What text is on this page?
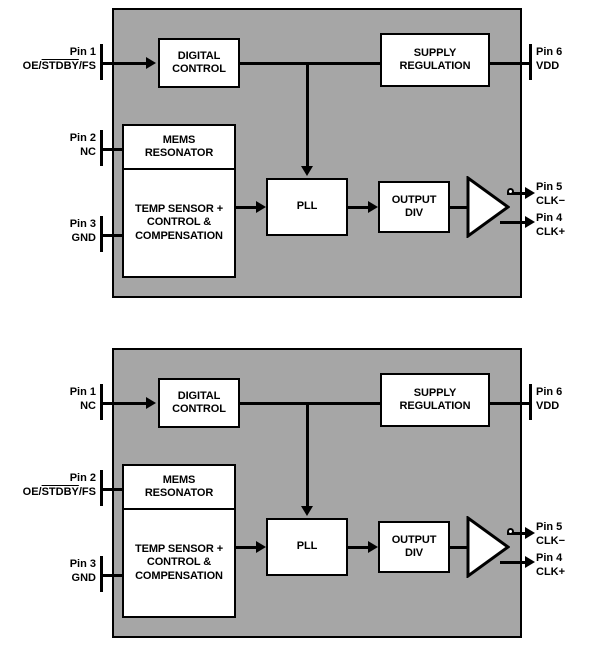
DIGITAL
CONTROL
SUPPLY
REGULATION
MEMS
RESONATOR
TEMP SENSOR +
CONTROL &
COMPENSATION
PLL
OUTPUT
DIV
Pin 1
OE/STDBY/FS
Pin 2
NC
Pin 3
GND
Pin 6
VDD
Pin 5
CLK−
Pin 4
CLK+
DIGITAL
CONTROL
SUPPLY
REGULATION
MEMS
RESONATOR
TEMP SENSOR +
CONTROL &
COMPENSATION
PLL
OUTPUT
DIV
Pin 1
NC
Pin 2
OE/STDBY/FS
Pin 3
GND
Pin 6
VDD
Pin 5
CLK−
Pin 4
CLK+
